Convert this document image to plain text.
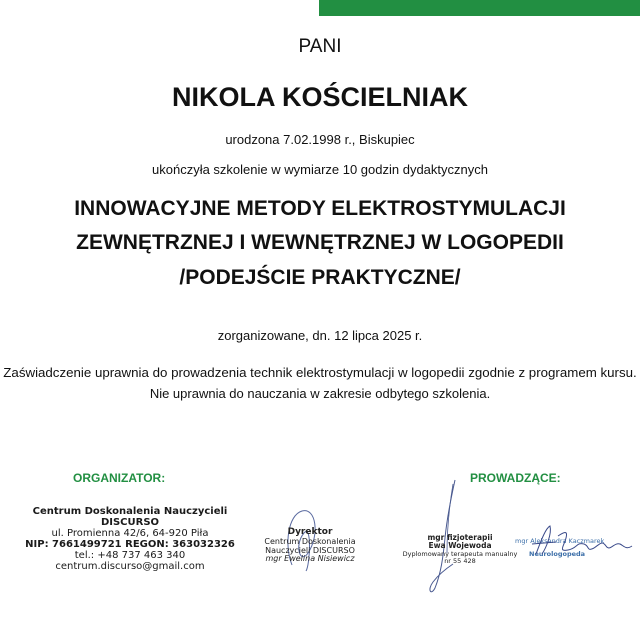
PANI
NIKOLA KOŚCIELNIAK
urodzona 7.02.1998 r., Biskupiec
ukończyła szkolenie w wymiarze 10 godzin dydaktycznych
INNOWACYJNE METODY ELEKTROSTYMULACJI
ZEWNĘTRZNEJ I WEWNĘTRZNEJ W LOGOPEDII
/PODEJŚCIE PRAKTYCZNE/
zorganizowane, dn. 12 lipca 2025 r.
Zaświadczenie uprawnia do prowadzenia technik elektrostymulacji w logopedii zgodnie z programem kursu.
Nie uprawnia do nauczania w zakresie odbytego szkolenia.
ORGANIZATOR:	PROWADZĄCE:
Centrum Doskonalenia Nauczycieli
DISCURSO
ul. Promienna 42/6, 64-920 Piła
NIP: 7661499721 REGON: 363032326
tel.: +48 737 463 340
centrum.discurso@gmail.com
Dyrektor
Centrum Doskonalenia
Nauczycieli DISCURSO
mgr Ewelina Nisiewicz
mgr fizjoterapii
Ewa Wojewoda
Dyplomowany terapeuta manualny
nr 55 428
mgr Aleksandra Kaczmarek
Neurologopeda
